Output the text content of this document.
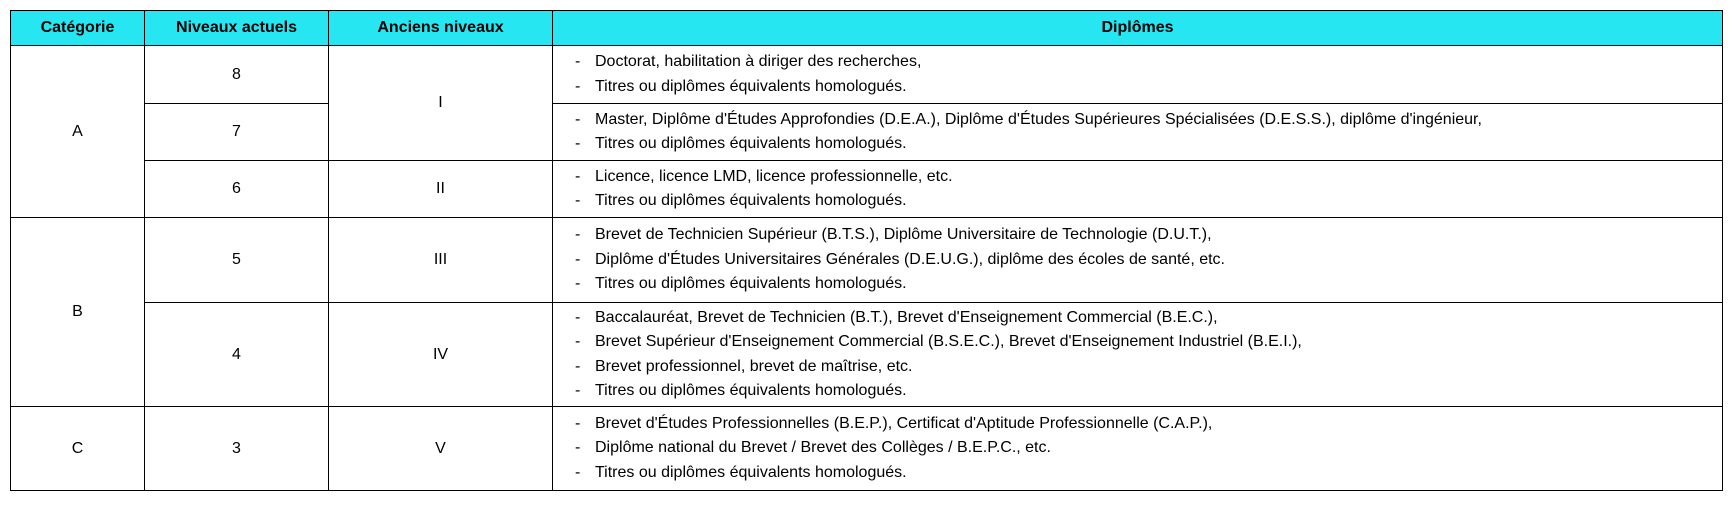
Catégorie	Niveaux actuels	Anciens niveaux	Diplômes
A	8	I	- Doctorat, habilitation à diriger des recherches,
- Titres ou diplômes équivalents homologués.

	7		- Master, Diplôme d'Études Approfondies (D.E.A.), Diplôme d'Études Supérieures Spécialisées (D.E.S.S.), diplôme d'ingénieur,
- Titres ou diplômes équivalents homologués.

	6	II	- Licence, licence LMD, licence professionnelle, etc.
- Titres ou diplômes équivalents homologués.

B	5	III	- Brevet de Technicien Supérieur (B.T.S.), Diplôme Universitaire de Technologie (D.U.T.),
- Diplôme d'Études Universitaires Générales (D.E.U.G.), diplôme des écoles de santé, etc.
- Titres ou diplômes équivalents homologués.

	4	IV	- Baccalauréat, Brevet de Technicien (B.T.), Brevet d'Enseignement Commercial (B.E.C.),
- Brevet Supérieur d'Enseignement Commercial (B.S.E.C.), Brevet d'Enseignement Industriel (B.E.I.),
- Brevet professionnel, brevet de maîtrise, etc.
- Titres ou diplômes équivalents homologués.

C	3	V	- Brevet d'Études Professionnelles (B.E.P.), Certificat d'Aptitude Professionnelle (C.A.P.),
- Diplôme national du Brevet / Brevet des Collèges / B.E.P.C., etc.
- Titres ou diplômes équivalents homologués.
